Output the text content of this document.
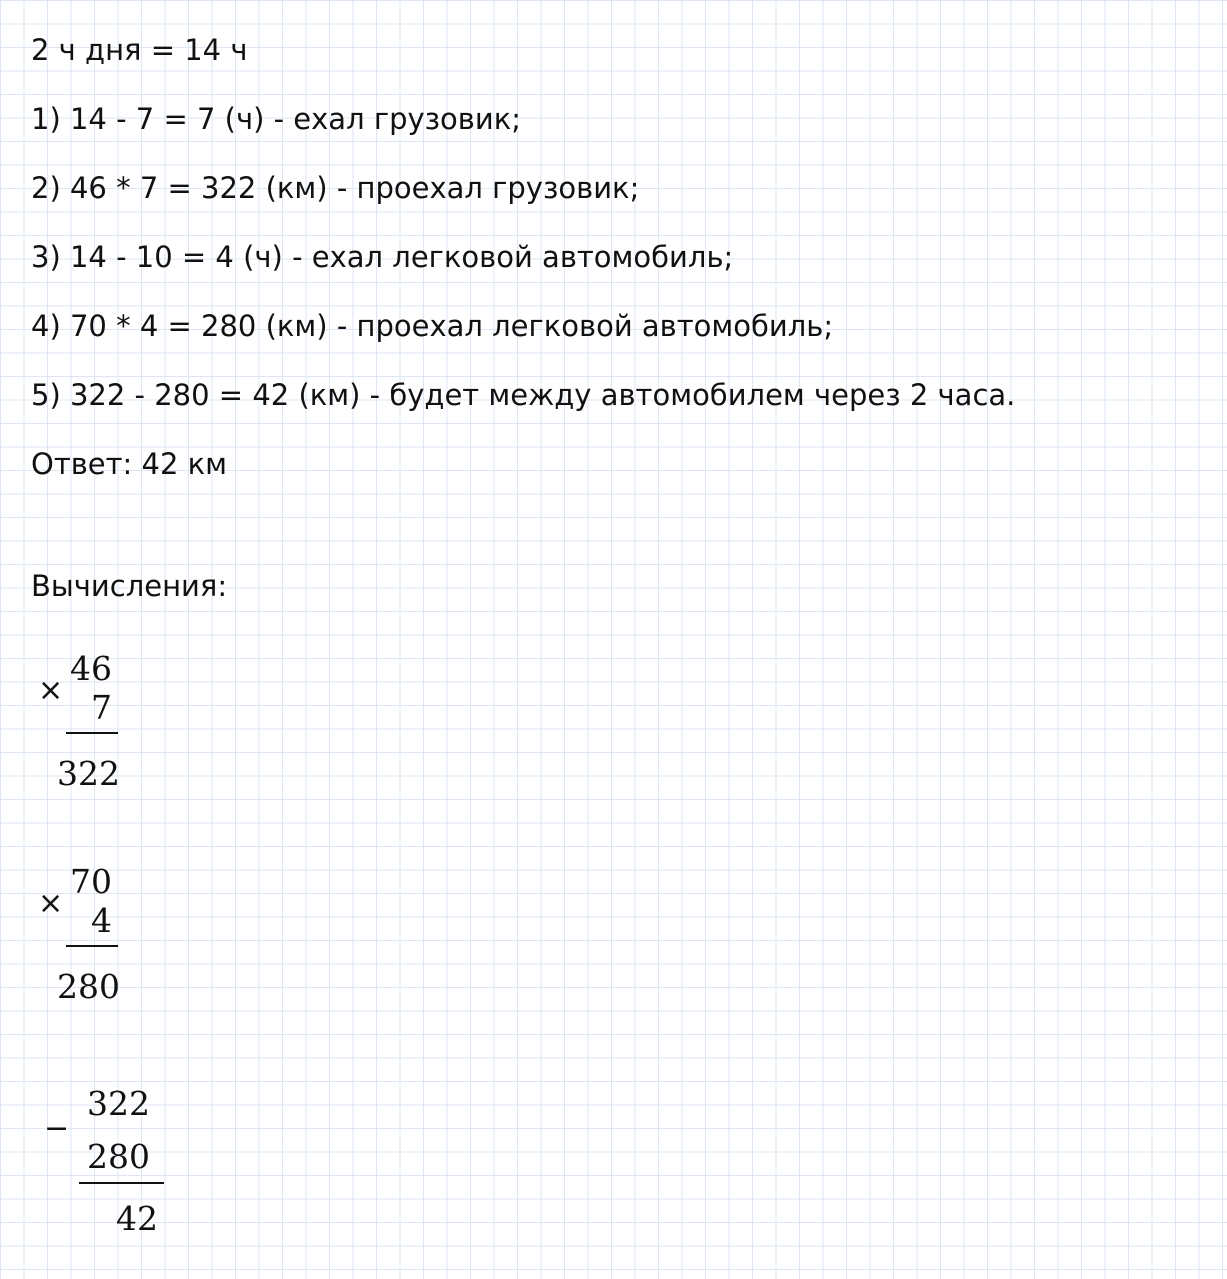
2 ч дня = 14 ч
1) 14 - 7 = 7 (ч) - ехал грузовик;
2) 46 * 7 = 322 (км) - проехал грузовик;
3) 14 - 10 = 4 (ч) - ехал легковой автомобиль;
4) 70 * 4 = 280 (км) - проехал легковой автомобиль;
5) 322 - 280 = 42 (км) - будет между автомобилем через 2 часа.
Ответ: 42 км
Вычисления:
×
46
7
322
×
70
4
280
−
322
280
42
